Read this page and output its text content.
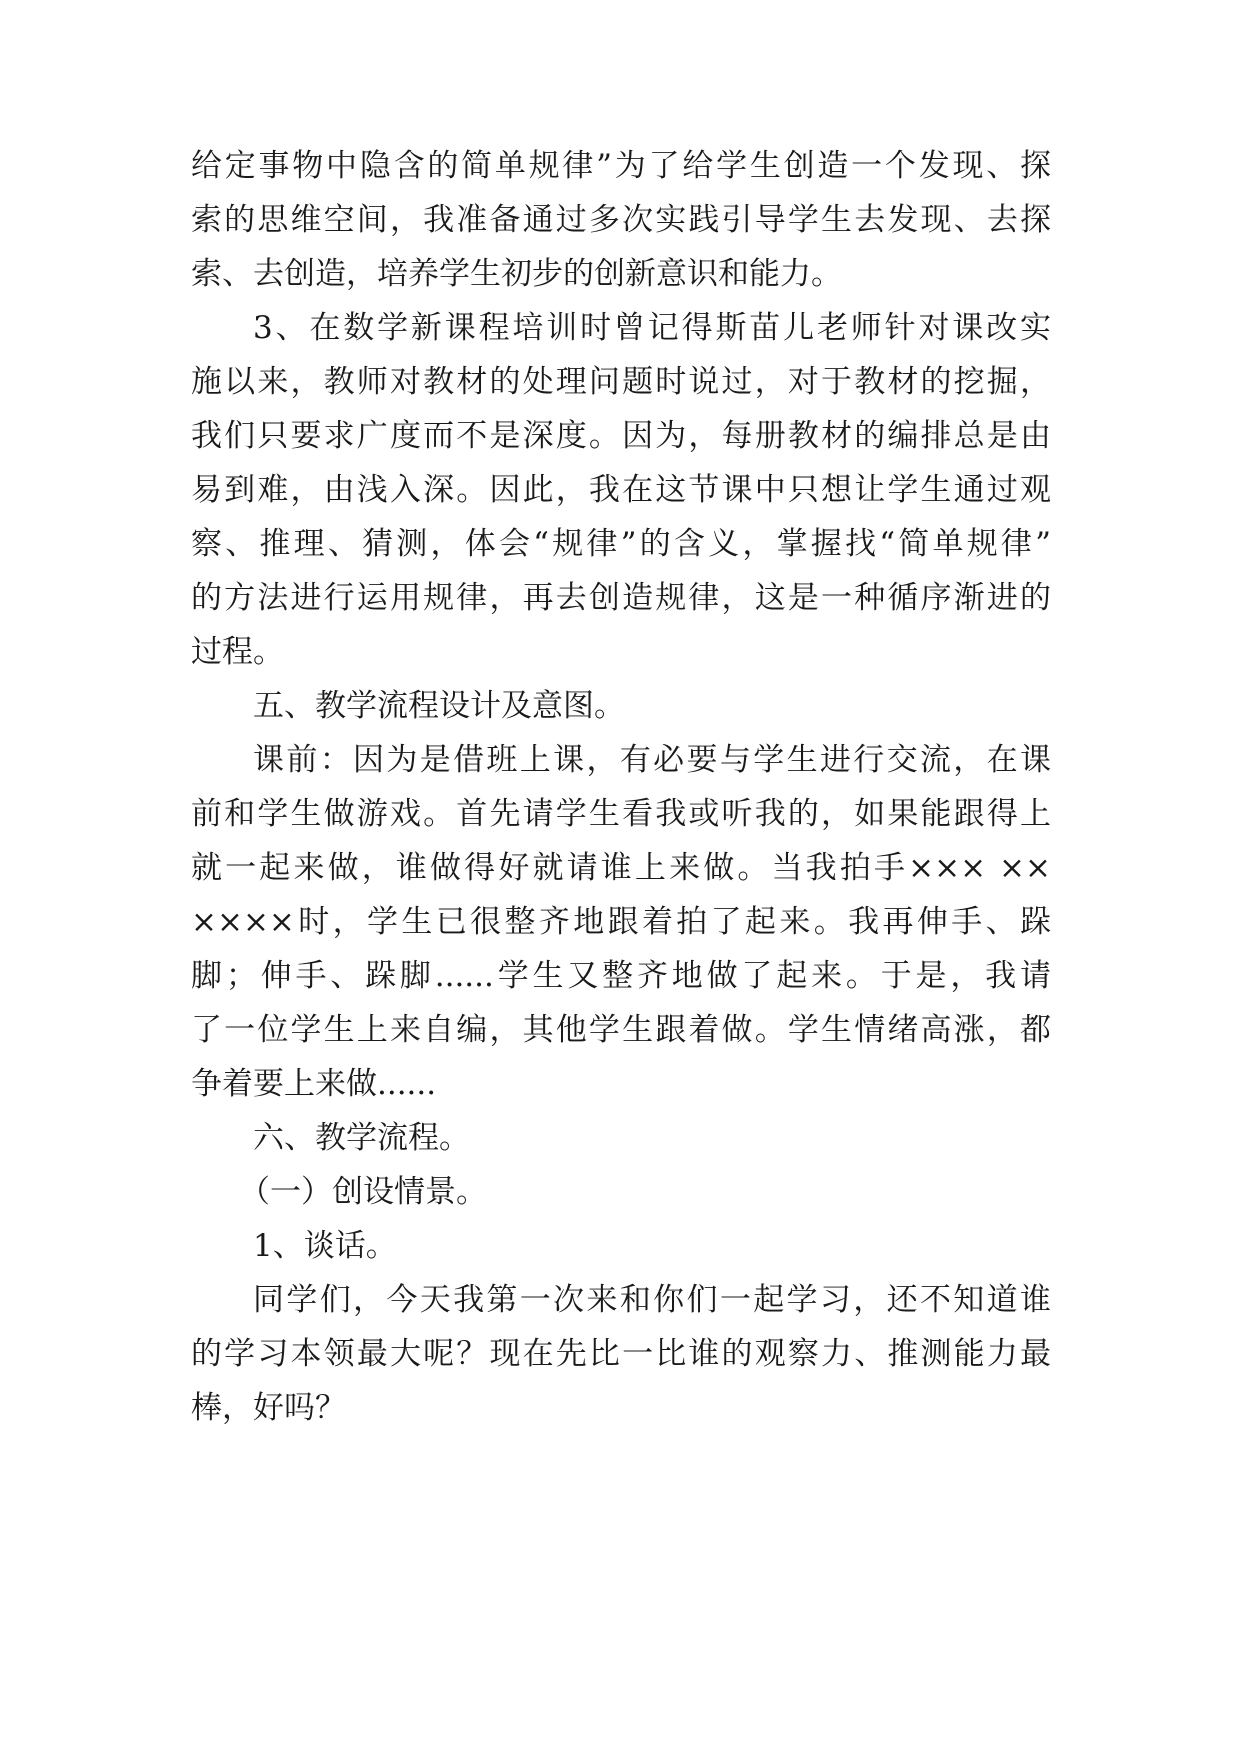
给定事物中隐含的简单规律”为了给学生创造一个发现、探
索的思维空间，我准备通过多次实践引导学生去发现、去探
索、去创造，培养学生初步的创新意识和能力。
3、在数学新课程培训时曾记得斯苗儿老师针对课改实
施以来，教师对教材的处理问题时说过，对于教材的挖掘，
我们只要求广度而不是深度。因为，每册教材的编排总是由
易到难，由浅入深。因此，我在这节课中只想让学生通过观
察、推理、猜测，体会“规律”的含义，掌握找“简单规律”
的方法进行运用规律，再去创造规律，这是一种循序渐进的
过程。
五、教学流程设计及意图。
课前：因为是借班上课，有必要与学生进行交流，在课
前和学生做游戏。首先请学生看我或听我的，如果能跟得上
就一起来做，谁做得好就请谁上来做。当我拍手××× ××
××××时，学生已很整齐地跟着拍了起来。我再伸手、跺
脚；伸手、跺脚......学生又整齐地做了起来。于是，我请
了一位学生上来自编，其他学生跟着做。学生情绪高涨，都
争着要上来做......
六、教学流程。
（一）创设情景。
1、谈话。
同学们，今天我第一次来和你们一起学习，还不知道谁
的学习本领最大呢？现在先比一比谁的观察力、推测能力最
棒，好吗？
